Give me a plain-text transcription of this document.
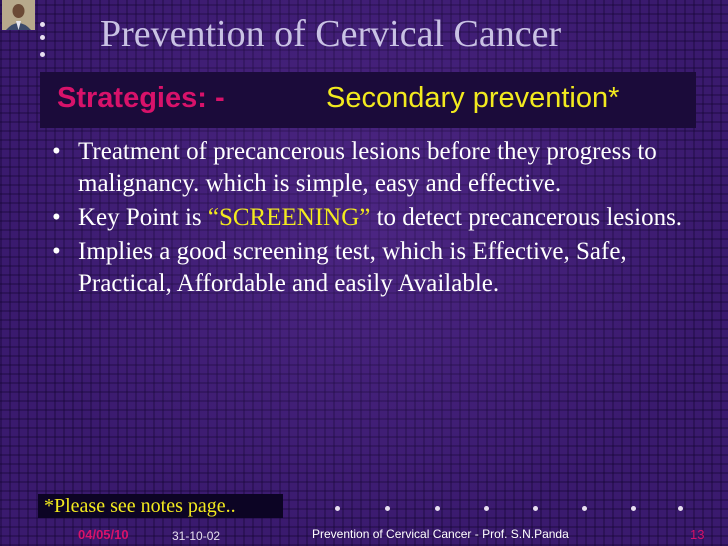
Prevention of Cervical Cancer
Strategies: -	Secondary prevention*
• Treatment of precancerous lesions before they progress to malignancy. which is simple, easy and effective.
• Key Point is “SCREENING” to detect precancerous lesions.
• Implies a good screening test, which is Effective, Safe, Practical, Affordable and easily Available.
*Please see notes page..
04/05/10	31-10-02	Prevention of Cervical Cancer - Prof. S.N.Panda	13
